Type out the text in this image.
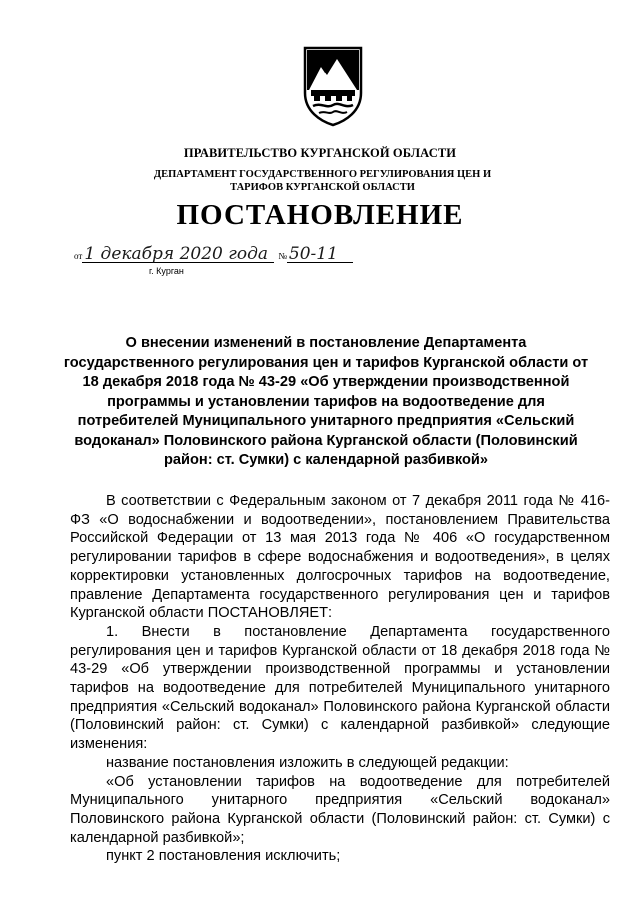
ПРАВИТЕЛЬСТВО КУРГАНСКОЙ ОБЛАСТИ
ДЕПАРТАМЕНТ ГОСУДАРСТВЕННОГО РЕГУЛИРОВАНИЯ ЦЕН И ТАРИФОВ КУРГАНСКОЙ ОБЛАСТИ
ПОСТАНОВЛЕНИЕ
от 1 декабря 2020 года № 50-11
г. Курган
О внесении изменений в постановление Департамента государственного регулирования цен и тарифов Курганской области от 18 декабря 2018 года № 43-29 «Об утверждении производственной программы и установлении тарифов на водоотведение для потребителей Муниципального унитарного предприятия «Сельский водоканал» Половинского района Курганской области (Половинский район: ст. Сумки) с календарной разбивкой»

В соответствии с Федеральным законом от 7 декабря 2011 года № 416-ФЗ «О водоснабжении и водоотведении», постановлением Правительства Российской Федерации от 13 мая 2013 года № 406 «О государственном регулировании тарифов в сфере водоснабжения и водоотведения», в целях корректировки установленных долгосрочных тарифов на водоотведение, правление Департамента государственного регулирования цен и тарифов Курганской области ПОСТАНОВЛЯЕТ:

1. Внести в постановление Департамента государственного регулирования цен и тарифов Курганской области от 18 декабря 2018 года № 43-29 «Об утверждении производственной программы и установлении тарифов на водоотведение для потребителей Муниципального унитарного предприятия «Сельский водоканал» Половинского района Курганской области (Половинский район: ст. Сумки) с календарной разбивкой» следующие изменения:

название постановления изложить в следующей редакции:

«Об установлении тарифов на водоотведение для потребителей Муниципального унитарного предприятия «Сельский водоканал» Половинского района Курганской области (Половинский район: ст. Сумки) с календарной разбивкой»;

пункт 2 постановления исключить;
